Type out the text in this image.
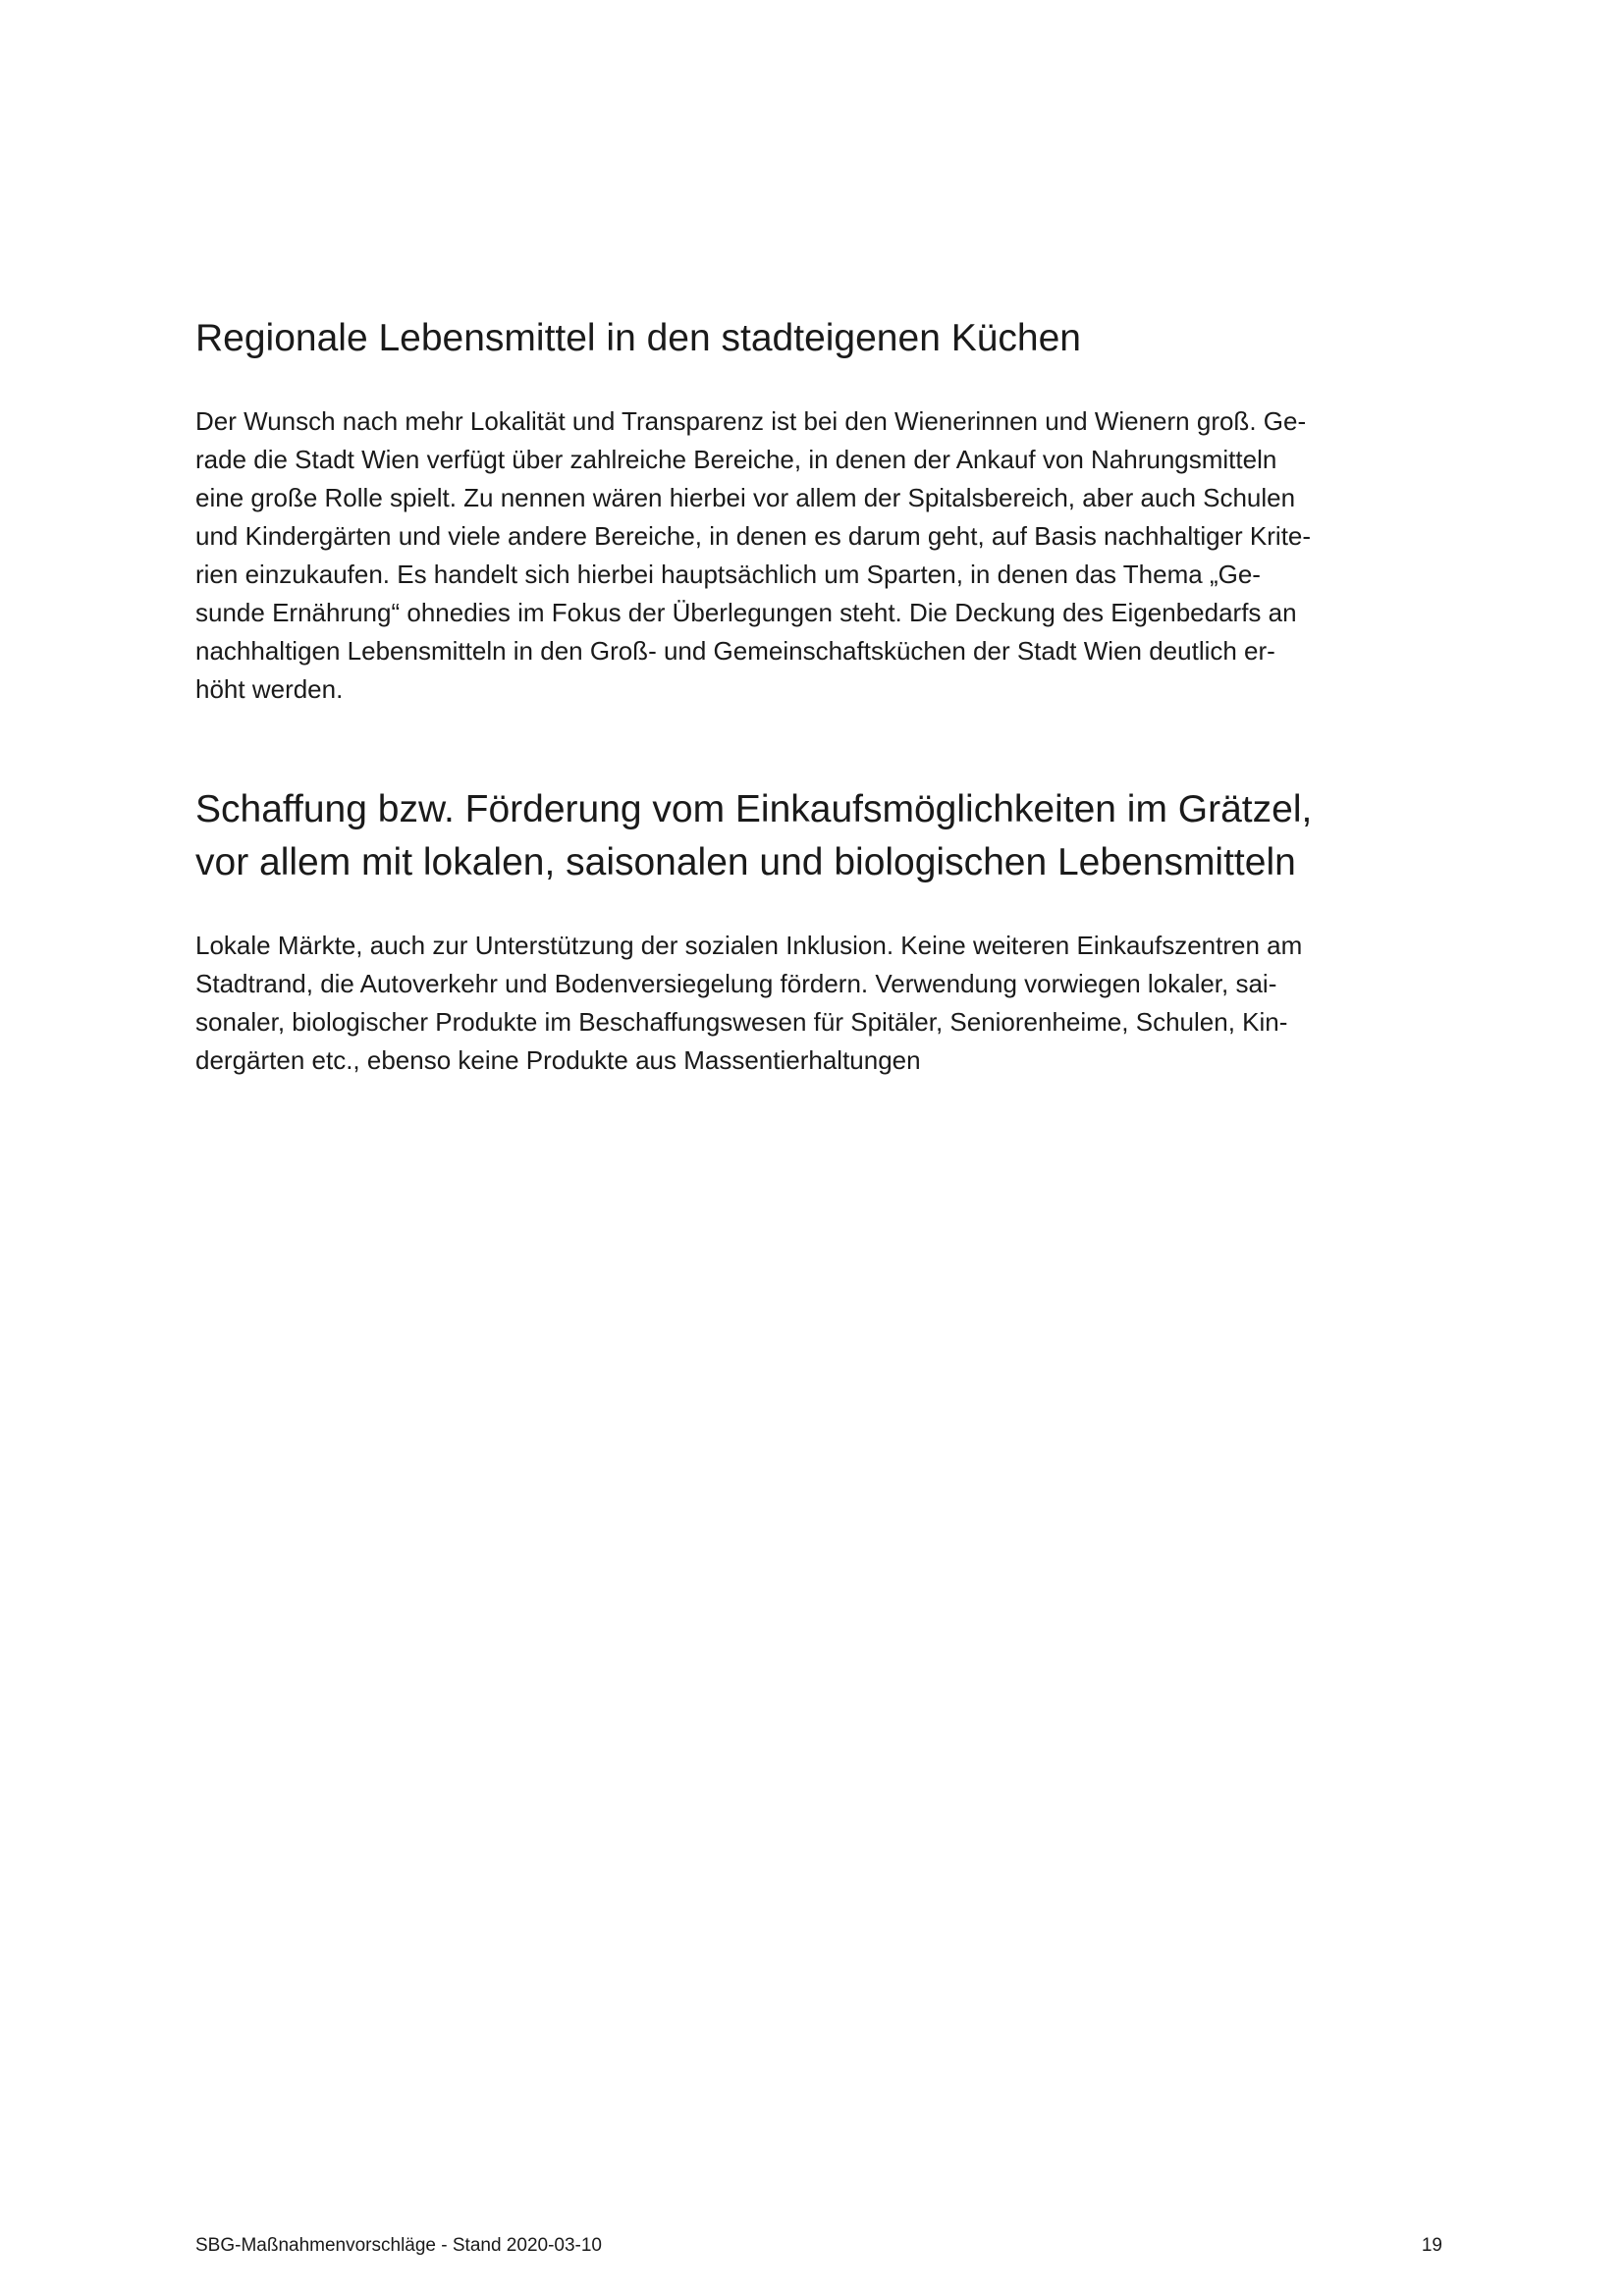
Regionale Lebensmittel in den stadteigenen Küchen

Der Wunsch nach mehr Lokalität und Transparenz ist bei den Wienerinnen und Wienern groß. Ge-
rade die Stadt Wien verfügt über zahlreiche Bereiche, in denen der Ankauf von Nahrungsmitteln
eine große Rolle spielt. Zu nennen wären hierbei vor allem der Spitalsbereich, aber auch Schulen
und Kindergärten und viele andere Bereiche, in denen es darum geht, auf Basis nachhaltiger Krite-
rien einzukaufen. Es handelt sich hierbei hauptsächlich um Sparten, in denen das Thema „Ge-
sunde Ernährung“ ohnedies im Fokus der Überlegungen steht. Die Deckung des Eigenbedarfs an
nachhaltigen Lebensmitteln in den Groß- und Gemeinschaftsküchen der Stadt Wien deutlich er-
höht werden.

Schaffung bzw. Förderung vom Einkaufsmöglichkeiten im Grätzel,
vor allem mit lokalen, saisonalen und biologischen Lebensmitteln

Lokale Märkte, auch zur Unterstützung der sozialen Inklusion. Keine weiteren Einkaufszentren am
Stadtrand, die Autoverkehr und Bodenversiegelung fördern. Verwendung vorwiegen lokaler, sai-
sonaler, biologischer Produkte im Beschaffungswesen für Spitäler, Seniorenheime, Schulen, Kin-
dergärten etc., ebenso keine Produkte aus Massentierhaltungen

SBG-Maßnahmenvorschläge - Stand 2020-03-10	19
